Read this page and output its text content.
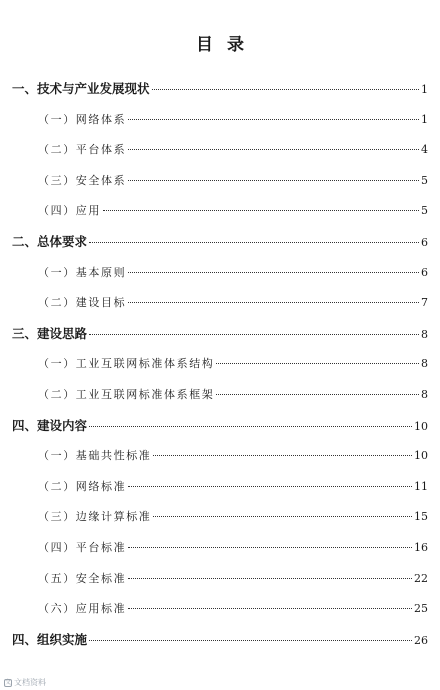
目录
一、技术与产业发展现状	1
（一）网络体系	1
（二）平台体系	4
（三）安全体系	5
（四）应用	5
二、总体要求	6
（一）基本原则	6
（二）建设目标	7
三、建设思路	8
（一）工业互联网标准体系结构	8
（二）工业互联网标准体系框架	8
四、建设内容	10
（一）基础共性标准	10
（二）网络标准	11
（三）边缘计算标准	15
（四）平台标准	16
（五）安全标准	22
（六）应用标准	25
四、组织实施	26
文 文档资料
